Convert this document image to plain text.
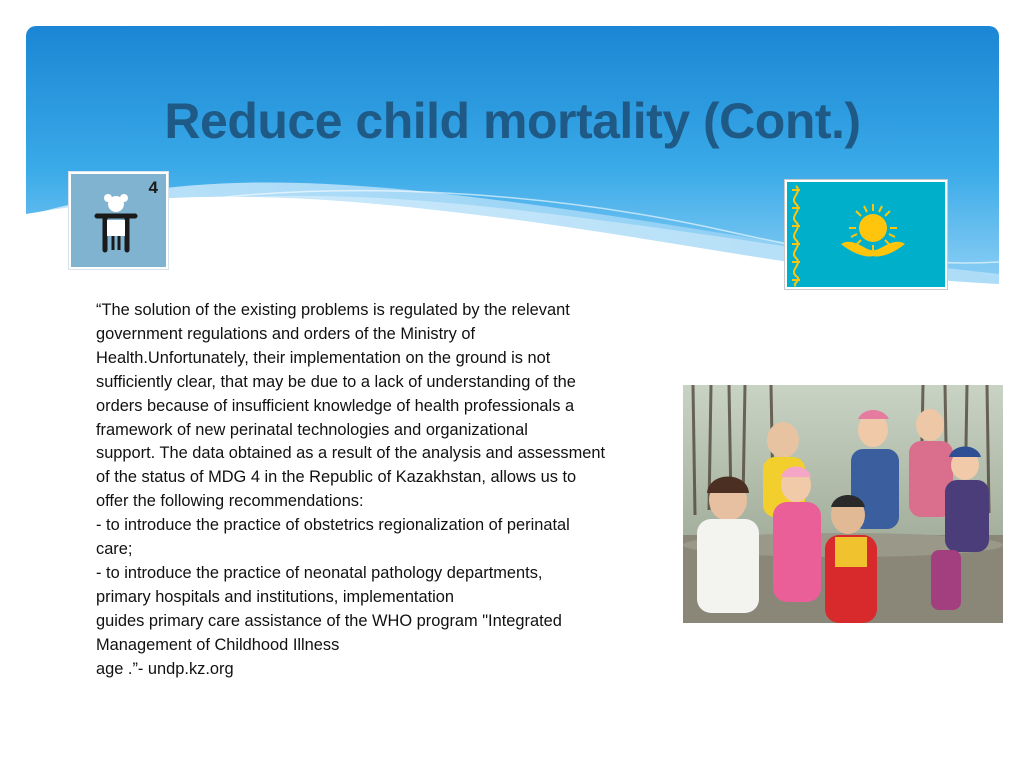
Reduce child mortality (Cont.)
4

“The solution of the existing problems is regulated by the relevant
government regulations and orders of the Ministry of
Health.Unfortunately, their implementation on the ground is not
sufficiently clear, that may be due to a lack of understanding of the
orders because of insufficient knowledge of health professionals a
framework of new perinatal technologies and organizational
support. The data obtained as a result of the analysis and assessment
of the status of MDG 4 in the Republic of Kazakhstan, allows us to
offer the following recommendations:
- to introduce the practice of obstetrics regionalization of perinatal
care;
- to introduce the practice of neonatal pathology departments,
primary hospitals and institutions, implementation
guides primary care assistance of the WHO program "Integrated
Management of Childhood Illness
age .”- undp.kz.org
